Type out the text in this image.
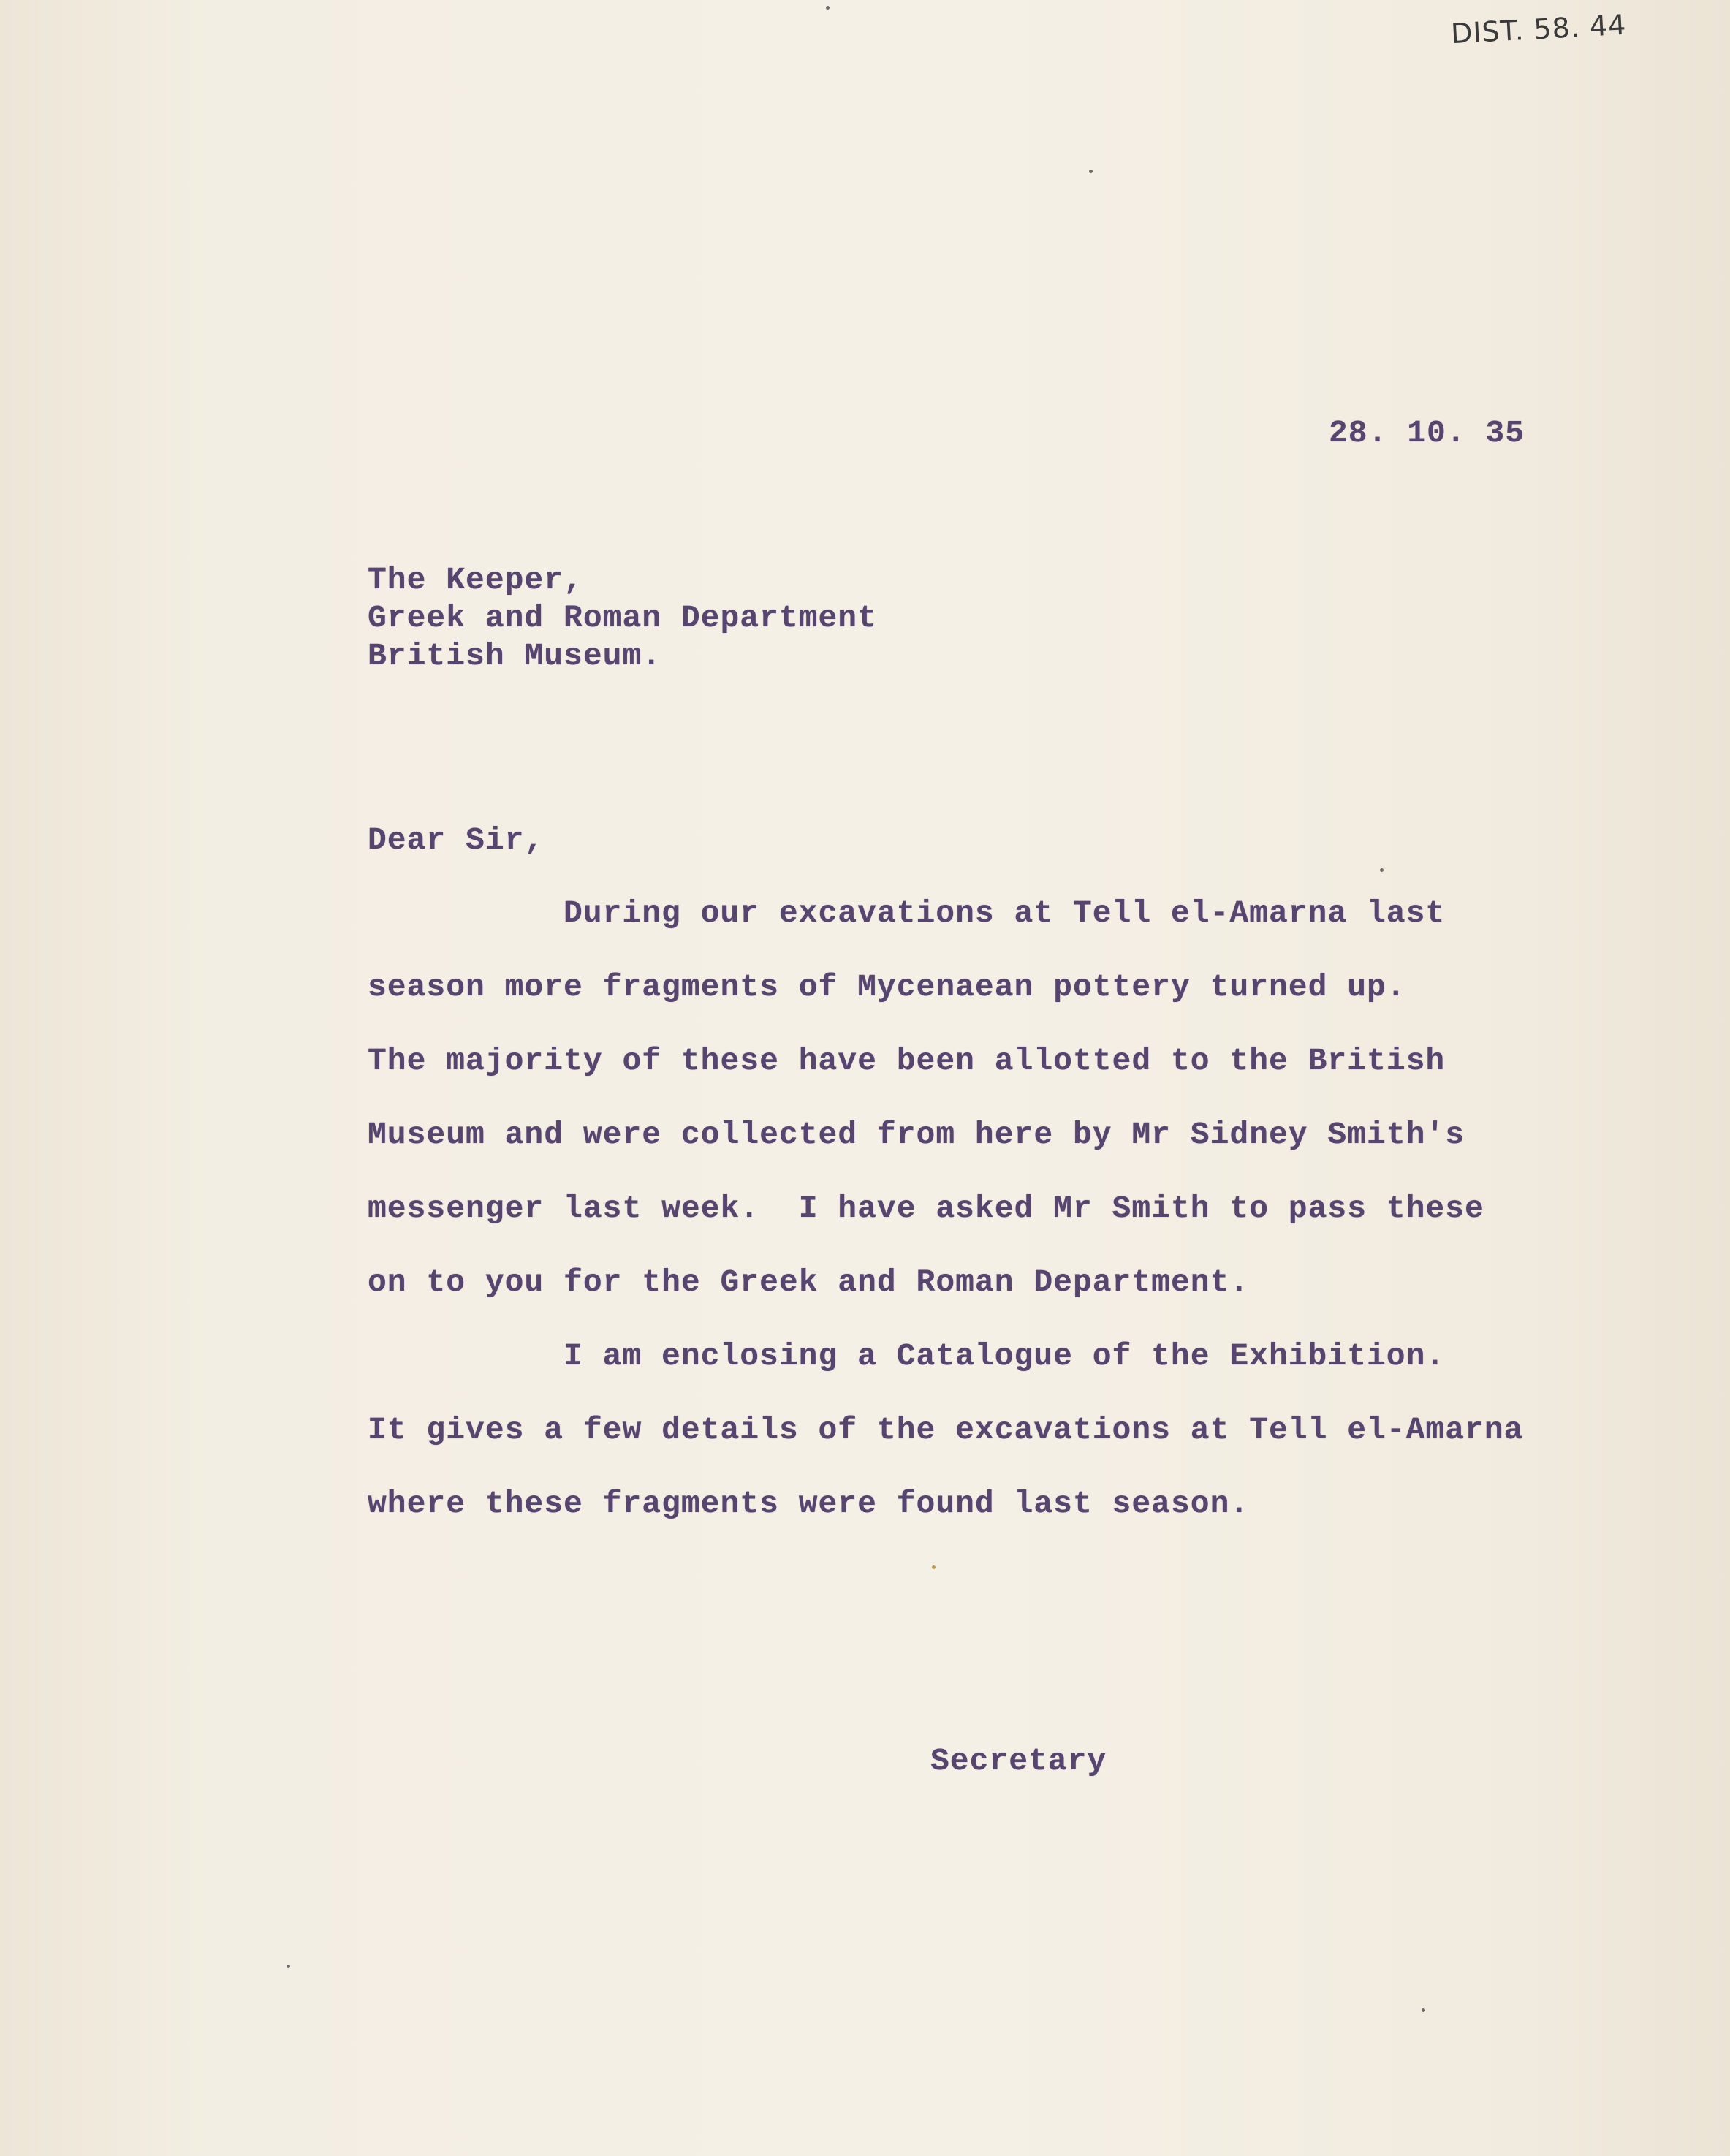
DIST. 58. 44
28. 10. 35
The Keeper,
Greek and Roman Department
British Museum.
Dear Sir,
During our excavations at Tell el-Amarna last
season more fragments of Mycenaean pottery turned up.
The majority of these have been allotted to the British
Museum and were collected from here by Mr Sidney Smith's
messenger last week.  I have asked Mr Smith to pass these
on to you for the Greek and Roman Department.
I am enclosing a Catalogue of the Exhibition.
It gives a few details of the excavations at Tell el-Amarna
where these fragments were found last season.
Secretary
